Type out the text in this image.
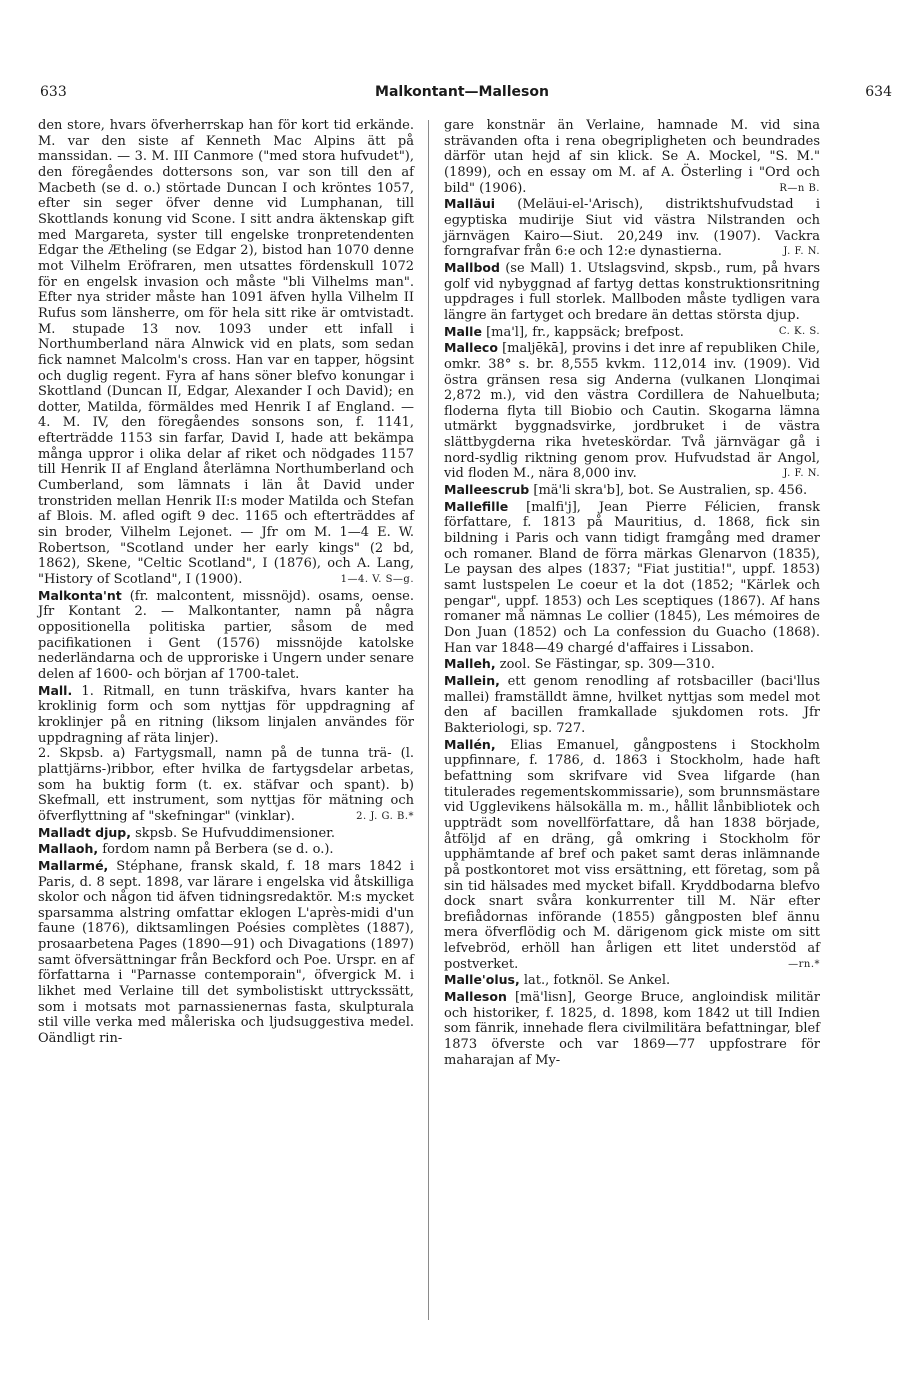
633	Malkontant—Malleson	634

den store, hvars öfverherrskap han för kort tid erkände. M. var den siste af Kenneth Mac Alpins ätt på manssidan. — 3. M. III Canmore ("med stora hufvudet"), den föregåendes dottersons son, var son till den af Macbeth (se d. o.) störtade Duncan I och kröntes 1057, efter sin seger öfver denne vid Lumphanan, till Skottlands konung vid Scone. I sitt andra äktenskap gift med Margareta, syster till engelske tronpretendenten Edgar the Ætheling (se Edgar 2), bistod han 1070 denne mot Vilhelm Eröfraren, men utsattes fördenskull 1072 för en engelsk invasion och måste "bli Vilhelms man". Efter nya strider måste han 1091 äfven hylla Vilhelm II Rufus som länsherre, om för hela sitt rike är omtvistadt. M. stupade 13 nov. 1093 under ett infall i Northumberland nära Alnwick vid en plats, som sedan fick namnet Malcolm's cross. Han var en tapper, högsint och duglig regent. Fyra af hans söner blefvo konungar i Skottland (Duncan II, Edgar, Alexander I och David); en dotter, Matilda, förmäldes med Henrik I af England. — 4. M. IV, den föregåendes sonsons son, f. 1141, efterträdde 1153 sin farfar, David I, hade att bekämpa många uppror i olika delar af riket och nödgades 1157 till Henrik II af England återlämna Northumberland och Cumberland, som lämnats i län åt David under tronstriden mellan Henrik II:s moder Matilda och Stefan af Blois. M. afled ogift 9 dec. 1165 och efterträddes af sin broder, Vilhelm Lejonet. — Jfr om M. 1—4 E. W. Robertson, "Scotland under her early kings" (2 bd, 1862), Skene, "Celtic Scotland", I (1876), och A. Lang, "History of Scotland", I (1900).	1—4. V. S—g.

Malkonta'nt (fr. malcontent, missnöjd). osams, oense. Jfr Kontant 2. — Malkontanter, namn på några oppositionella politiska partier, såsom de med pacifikationen i Gent (1576) missnöjde katolske nederländarna och de upproriske i Ungern under senare delen af 1600- och början af 1700-talet.

Mall. 1. Ritmall, en tunn träskifva, hvars kanter ha kroklinig form och som nyttjas för uppdragning af kroklinjer på en ritning (liksom linjalen användes för uppdragning af räta linjer).

2. Skpsb. a) Fartygsmall, namn på de tunna trä- (l. plattjärns-)ribbor, efter hvilka de fartygsdelar arbetas, som ha buktig form (t. ex. stäfvar och spant). b) Skefmall, ett instrument, som nyttjas för mätning och öfverflyttning af "skefningar" (vinklar).	2. J. G. B.*

Malladt djup, skpsb. Se Hufvuddimensioner.

Mallaoh, fordom namn på Berbera (se d. o.).

Mallarmé, Stéphane, fransk skald, f. 18 mars 1842 i Paris, d. 8 sept. 1898, var lärare i engelska vid åtskilliga skolor och någon tid äfven tidningsredaktör. M:s mycket sparsamma alstring omfattar eklogen L'après-midi d'un faune (1876), diktsamlingen Poésies complètes (1887), prosaarbetena Pages (1890—91) och Divagations (1897) samt öfversättningar från Beckford och Poe. Urspr. en af författarna i "Parnasse contemporain", öfvergick M. i likhet med Verlaine till det symbolistiskt uttryckssätt, som i motsats mot parnassienernas fasta, skulpturala stil ville verka med måleriska och ljudsuggestiva medel. Oändligt rin-

gare konstnär än Verlaine, hamnade M. vid sina strävanden ofta i rena obegripligheten och beundrades därför utan hejd af sin klick. Se A. Mockel, "S. M." (1899), och en essay om M. af A. Österling i "Ord och bild" (1906).	R—n B.

Malläui (Meläui-el-'Arisch), distriktshufvudstad i egyptiska mudirije Siut vid västra Nilstranden och järnvägen Kairo—Siut. 20,249 inv. (1907). Vackra forngrafvar från 6:e och 12:e dynastierna.	J. F. N.

Mallbod (se Mall) 1. Utslagsvind, skpsb., rum, på hvars golf vid nybyggnad af fartyg dettas konstruktionsritning uppdrages i full storlek. Mallboden måste tydligen vara längre än fartyget och bredare än dettas största djup.
C. K. S.

Malle [ma'l], fr., kappsäck; brefpost.

Malleco [maljēkā], provins i det inre af republiken Chile, omkr. 38° s. br. 8,555 kvkm. 112,014 inv. (1909). Vid östra gränsen resa sig Anderna (vulkanen Llonqimai 2,872 m.), vid den västra Cordillera de Nahuelbuta; floderna flyta till Biobio och Cautin. Skogarna lämna utmärkt byggnadsvirke, jordbruket i de västra slättbygderna rika hveteskördar. Två järnvägar gå i nord-sydlig riktning genom prov. Hufvudstad är Angol, vid floden M., nära 8,000 inv.	J. F. N.

Malleescrub [mä'li skra'b], bot. Se Australien, sp. 456.

Mallefille [malfi'j], Jean Pierre Félicien, fransk författare, f. 1813 på Mauritius, d. 1868, fick sin bildning i Paris och vann tidigt framgång med dramer och romaner. Bland de förra märkas Glenarvon (1835), Le paysan des alpes (1837; "Fiat justitia!", uppf. 1853) samt lustspelen Le coeur et la dot (1852; "Kärlek och pengar", uppf. 1853) och Les sceptiques (1867). Af hans romaner må nämnas Le collier (1845), Les mémoires de Don Juan (1852) och La confession du Guacho (1868). Han var 1848—49 chargé d'affaires i Lissabon.

Malleh, zool. Se Fästingar, sp. 309—310.

Mallein, ett genom renodling af rotsbaciller (baci'llus mallei) framställdt ämne, hvilket nyttjas som medel mot den af bacillen framkallade sjukdomen rots. Jfr Bakteriologi, sp. 727.

Mallén, Elias Emanuel, gångpostens i Stockholm uppfinnare, f. 1786, d. 1863 i Stockholm, hade haft befattning som skrifvare vid Svea lifgarde (han titulerades regementskommissarie), som brunnsmästare vid Ugglevikens hälsokälla m. m., hållit lånbibliotek och uppträdt som novellförfattare, då han 1838 började, åtföljd af en dräng, gå omkring i Stockholm för upphämtande af bref och paket samt deras inlämnande på postkontoret mot viss ersättning, ett företag, som på sin tid hälsades med mycket bifall. Kryddbodarna blefvo dock snart svåra konkurrenter till M. När efter brefiådornas införande (1855) gångposten blef ännu mera öfverflödig och M. därigenom gick miste om sitt lefvebröd, erhöll han årligen ett litet understöd af postverket.	—rn.*

Malle'olus, lat., fotknöl. Se Ankel.

Malleson [mä'lisn], George Bruce, angloindisk militär och historiker, f. 1825, d. 1898, kom 1842 ut till Indien som fänrik, innehade flera civilmilitära befattningar, blef 1873 öfverste och var 1869—77 uppfostrare för maharajan af My-
